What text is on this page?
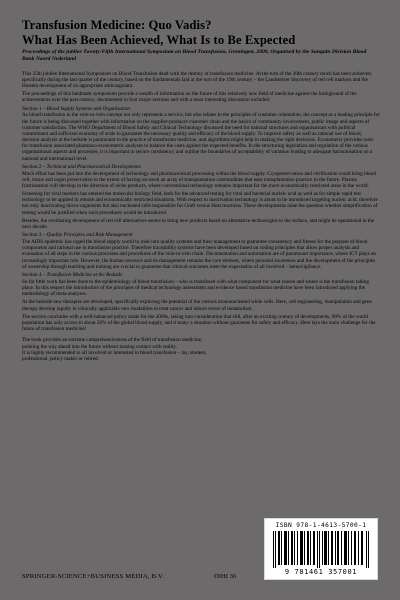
Transfusion Medicine: Quo Vadis?
What Has Been Achieved, What Is to Be Expected

Proceedings of the jubilee Twenty-Fifth International Symposium on Blood Transfusion, Groningen, 2000, Organised by the Sanquin Division Blood Bank Noord Nederland

This 25th jubilee International Symposium on Blood Transfusion dealt with the destiny of transfusion medicine. At the turn of the 20th century much has been achieved, specifically during the last quarter of the century, based on the fundamentals laid at the turn of the 19th century – the Landsteiner discovery of red cell markers and the Hustein development of an appropriate anticoagulant.

The proceedings of this landmark symposium provide a wealth of information on the future of this relatively new field of medicine against the background of the achievements over the past century, documented in four major sections and with a most interesting discussion included:

Section 1 – Blood Supply Systems and Organisation

As blood transfusion in the vein-to-vein concept not only represents a service, but also relates to the principles of customer orientation, the concept as a leading principle for the future is being discussed together with information on the supplier-producer-customer chain and the basics of community involvement, public image and aspects of customer satisfaction. The WHO Department of Blood Safety and Clinical Technology discussed the need for national structures and organisations with political commitment and sufficient economy of scale to guarantee the necessary quality and efficacy of the blood supply. To improve safety as well as rational use of blood, decision analysis at the bedside is paramount to the practice of transfusion medicine, and algorithms might help in making the right decisions. Econometry provides tools for transfusion associated pharmaco-econometric analyses to balance the costs against the expected benefits. In the structuring legislation and regulation of the various organisational aspects and processes, it is important to secure consistency and outline the boundaries of acceptability of variation leading to adequate harmonisation on a national and international level.

Section 2 – Technical and Pharmaceutical Developments

Much effort has been put into the development of technology and pharmaceutical processing within the blood supply. Cryopreservation and vitrification could bring blood cell, tissue and organ preservation to the extent of having on stock an array of transplantation commodities that ease transplantation practice in the future. Plasma fractionation will develop in the direction of niche products, where conventional technology remains important for the more economically restricted areas in the world.

Screening for viral markers has entered the molecular biology field, both for the advanced testing for viral and bacterial nucleic acid as well as for simple rapid test technology to be applied in remote and economically restricted situations. With respect to inactivation technology is about to be introduced targeting nucleic acid, therefore not only inactivating micro-organisms but also nucleated cells responsible for Graft versus Host reactions. These developments raise the question whether simplification of testing would be justified when such procedures would be introduced.

Besides, the everlasting development of red cell alternatives seems to bring new products based on alternative technologies to the surface, and might be operational in the next decade.

Section 3 – Quality Principles and Risk Management

The AIDS epidemic has urged the blood supply world to look into quality systems and their management to guarantee consistency and fitness for the purpose of blood components and rational use in transfusion practice. Therefore traceability systems have been developed based on coding principles that allow proper analysis and evaluation of all steps in the various processes and procedures of the vein-to-vein chain. Documentation and automation are of paramount importance, where ICT plays an increasingly important role. However, the human resource and its management remains the core element, where personal awareness and the development of the principles of ownership through teaching and training are crucial to guarantee that clinical outcomes meet the expectation of all involved – hemovigilance.

Section 4 – Transfusion Medicine at the Bedside

So far little work has been done to the epidemiology of blood transfusion – who is transfused with what component for what reason and where is the transfusion taking place. In this respect the introduction of the principles of medical technology assessment and evidence based transfusion medicine have been introduced applying the methodology of meta-analyses.

At the bedside new therapies are developed, specifically exploring the potential of the various mononucleated white cells. Here, cell engineering, manipulation and gene therapy develop rapidly in clinically applicable new modalities to treat cancer and inborn errors of metabolism.

The section concludes with a well-balanced policy made for the 2000s, taking into consideration that still, after an exciting century of developments, 80% of the world population has only access to about 20% of the global blood supply, and it many a situation without guarantee for safety and efficacy. Here lays the main challenge for the future of transfusion medicine!

The book provides an extreme comprehensiveness of the field of transfusion medicine,

pointing the way ahead into the future without loosing contact with reality.

It is highly recommended to all involved or interested in blood transfusion – lay, student,

professional, policy maker or retired.

ISBN 978-1-4613-5700-1
9 781461 357001
SPRINGER-SCIENCE+BUSINESS MEDIA, B.V.	DIHI 36
